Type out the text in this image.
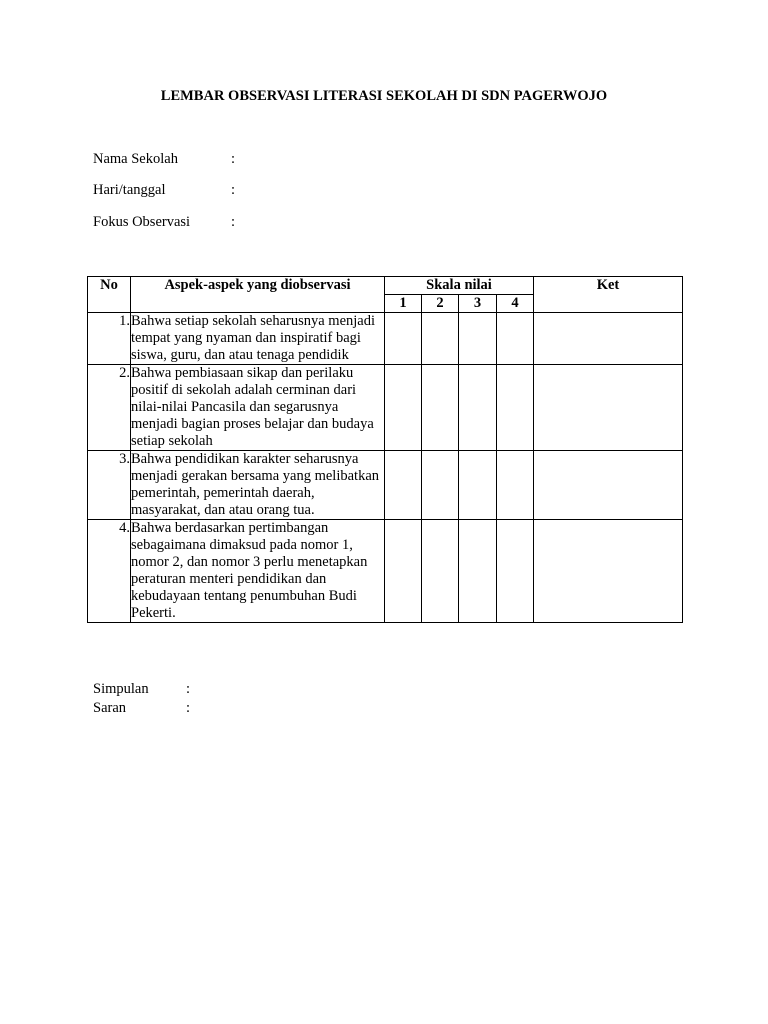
LEMBAR OBSERVASI LITERASI SEKOLAH DI SDN PAGERWOJO
Nama Sekolah	:
Hari/tanggal	:
Fokus Observasi	:
No	Aspek-aspek yang diobservasi	Skala nilai				Ket
		1	2	3	4	
1.	Bahwa setiap sekolah seharusnya menjadi tempat yang nyaman dan inspiratif bagi siswa, guru, dan atau tenaga pendidik					
2.	Bahwa pembiasaan sikap dan perilaku positif di sekolah adalah cerminan dari nilai-nilai Pancasila dan segarusnya menjadi bagian proses belajar dan budaya setiap sekolah					
3.	Bahwa pendidikan karakter seharusnya menjadi gerakan bersama yang melibatkan pemerintah, pemerintah daerah, masyarakat, dan atau orang tua.					
4.	Bahwa berdasarkan pertimbangan sebagaimana dimaksud pada nomor 1, nomor 2, dan nomor 3 perlu menetapkan peraturan menteri pendidikan dan kebudayaan tentang penumbuhan Budi Pekerti.					
Simpulan	:
Saran	:
